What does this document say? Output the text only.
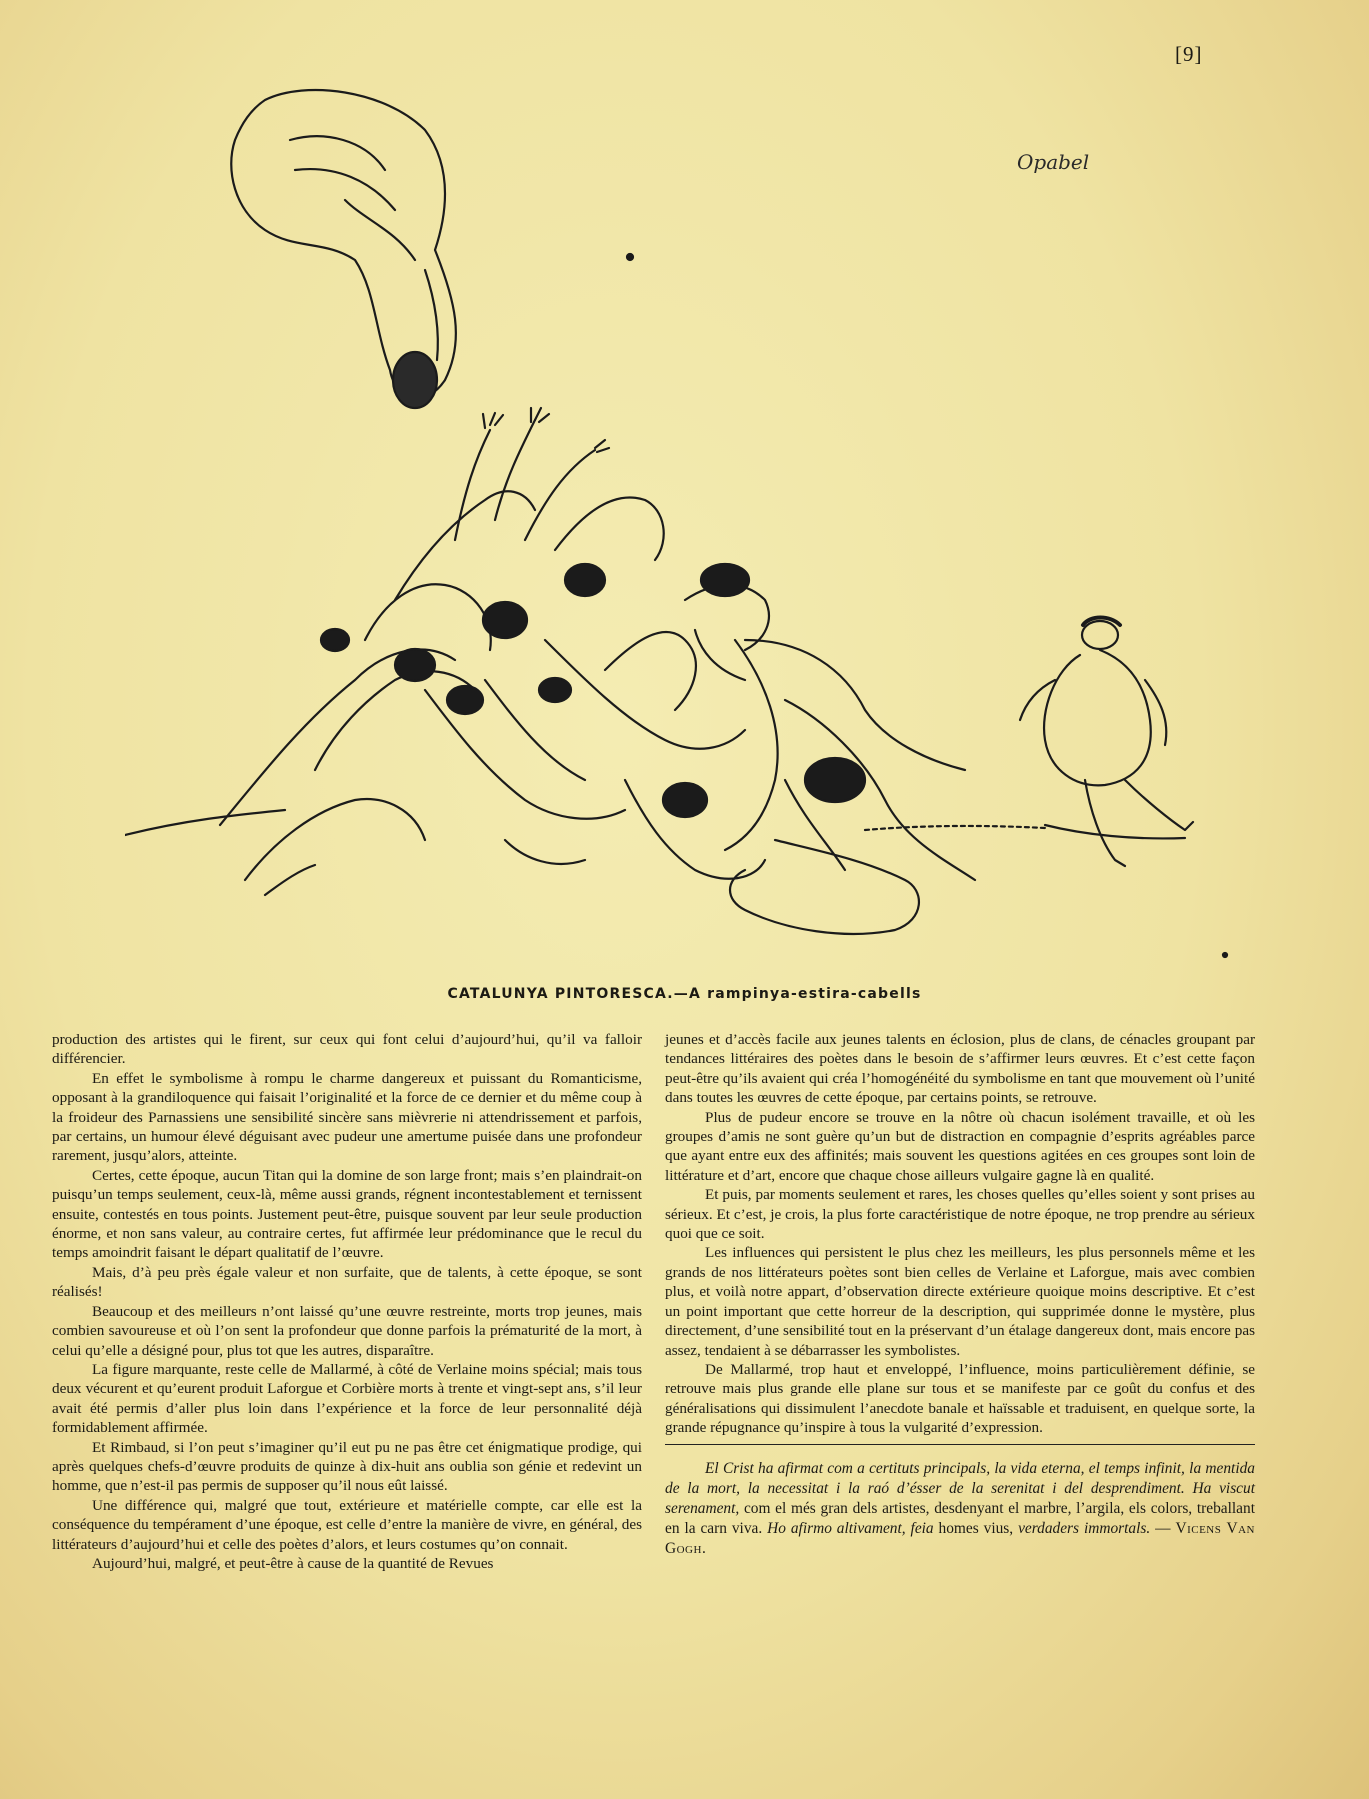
[9]
Opabel
CATALUNYA PINTORESCA.—A rampinya-estira-cabells

production des artistes qui le firent, sur ceux qui font celui d’aujourd’hui, qu’il va falloir différencier.

En effet le symbolisme à rompu le charme dangereux et puissant du Romanticisme, opposant à la grandiloquence qui faisait l’originalité et la force de ce dernier et du même coup à la froideur des Parnassiens une sensibilité sincère sans mièvrerie ni attendrissement et parfois, par certains, un humour élevé déguisant avec pudeur une amertume puisée dans une profondeur rarement, jusqu’alors, atteinte.

Certes, cette époque, aucun Titan qui la domine de son large front; mais s’en plaindrait-on puisqu’un temps seulement, ceux-là, même aussi grands, régnent incontestablement et ternissent ensuite, contestés en tous points. Justement peut-être, puisque souvent par leur seule production énorme, et non sans valeur, au contraire certes, fut affirmée leur prédominance que le recul du temps amoindrit faisant le départ qualitatif de l’œuvre.

Mais, d’à peu près égale valeur et non surfaite, que de talents, à cette époque, se sont réalisés!

Beaucoup et des meilleurs n’ont laissé qu’une œuvre restreinte, morts trop jeunes, mais combien savoureuse et où l’on sent la profondeur que donne parfois la prématurité de la mort, à celui qu’elle a désigné pour, plus tot que les autres, disparaître.

La figure marquante, reste celle de Mallarmé, à côté de Verlaine moins spécial; mais tous deux vécurent et qu’eurent produit Laforgue et Corbière morts à trente et vingt-sept ans, s’il leur avait été permis d’aller plus loin dans l’expérience et la force de leur personnalité déjà formidablement affirmée.

Et Rimbaud, si l’on peut s’imaginer qu’il eut pu ne pas être cet énigmatique prodige, qui après quelques chefs-d’œuvre produits de quinze à dix-huit ans oublia son génie et redevint un homme, que n’est-il pas permis de supposer qu’il nous eût laissé.

Une différence qui, malgré que tout, extérieure et matérielle compte, car elle est la conséquence du tempérament d’une époque, est celle d’entre la manière de vivre, en général, des littérateurs d’aujourd’hui et celle des poètes d’alors, et leurs costumes qu’on connait.

Aujourd’hui, malgré, et peut-être à cause de la quantité de Revues

jeunes et d’accès facile aux jeunes talents en éclosion, plus de clans, de cénacles groupant par tendances littéraires des poètes dans le besoin de s’affirmer leurs œuvres. Et c’est cette façon peut-être qu’ils avaient qui créa l’homogénéité du symbolisme en tant que mouvement où l’unité dans toutes les œuvres de cette époque, par certains points, se retrouve.

Plus de pudeur encore se trouve en la nôtre où chacun isolément travaille, et où les groupes d’amis ne sont guère qu’un but de distraction en compagnie d’esprits agréables parce que ayant entre eux des affinités; mais souvent les questions agitées en ces groupes sont loin de littérature et d’art, encore que chaque chose ailleurs vulgaire gagne là en qualité.

Et puis, par moments seulement et rares, les choses quelles qu’elles soient y sont prises au sérieux. Et c’est, je crois, la plus forte caractéristique de notre époque, ne trop prendre au sérieux quoi que ce soit.

Les influences qui persistent le plus chez les meilleurs, les plus personnels même et les grands de nos littérateurs poètes sont bien celles de Verlaine et Laforgue, mais avec combien plus, et voilà notre appart, d’observation directe extérieure quoique moins descriptive. Et c’est un point important que cette horreur de la description, qui supprimée donne le mystère, plus directement, d’une sensibilité tout en la préservant d’un étalage dangereux dont, mais encore pas assez, tendaient à se débarrasser les symbolistes.

De Mallarmé, trop haut et enveloppé, l’influence, moins particulièrement définie, se retrouve mais plus grande elle plane sur tous et se manifeste par ce goût du confus et des généralisations qui dissimulent l’anecdote banale et haïssable et traduisent, en quelque sorte, la grande répugnance qu’inspire à tous la vulgarité d’expression.

El Crist ha afirmat com a certituts principals, la vida eterna, el temps infinit, la mentida de la mort, la necessitat i la raó d’ésser de la serenitat i del desprendiment. Ha viscut serenament, com el més gran dels artistes, desdenyant el marbre, l’argila, els colors, treballant en la carn viva. Ho afirmo altivament, feia homes vius, verdaders immortals. — Vicens Van Gogh.
